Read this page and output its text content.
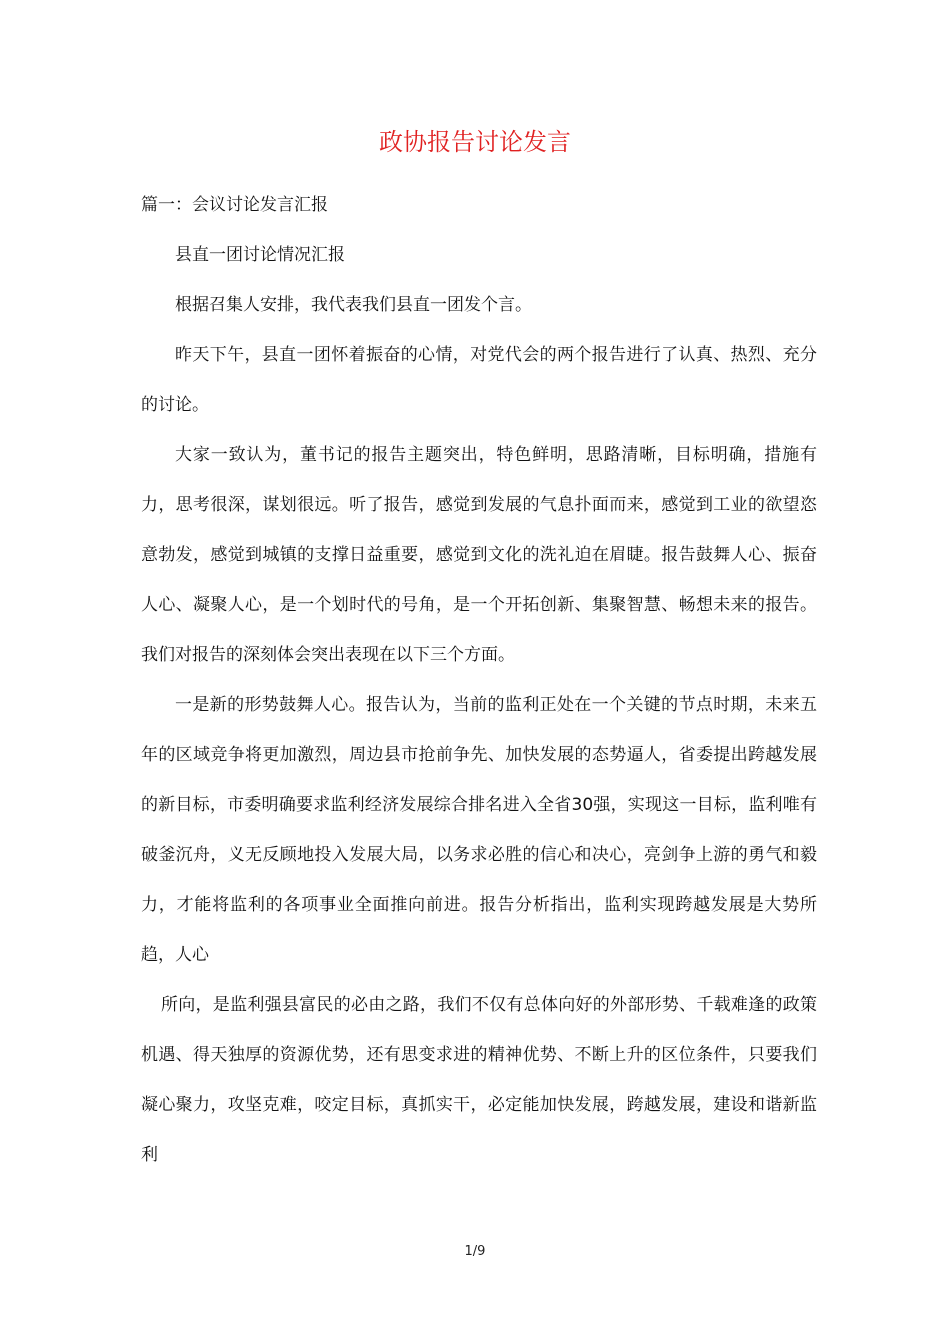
政协报告讨论发言

篇一：会议讨论发言汇报

县直一团讨论情况汇报

根据召集人安排，我代表我们县直一团发个言。

昨天下午，县直一团怀着振奋的心情，对党代会的两个报告进行了认真、热烈、充分的讨论。

大家一致认为，董书记的报告主题突出，特色鲜明，思路清晰，目标明确，措施有力，思考很深，谋划很远。听了报告，感觉到发展的气息扑面而来，感觉到工业的欲望恣意勃发，感觉到城镇的支撑日益重要，感觉到文化的洗礼迫在眉睫。报告鼓舞人心、振奋人心、凝聚人心，是一个划时代的号角，是一个开拓创新、集聚智慧、畅想未来的报告。我们对报告的深刻体会突出表现在以下三个方面。

一是新的形势鼓舞人心。报告认为，当前的监利正处在一个关键的节点时期，未来五年的区域竞争将更加激烈，周边县市抢前争先、加快发展的态势逼人，省委提出跨越发展的新目标，市委明确要求监利经济发展综合排名进入全省30强，实现这一目标，监利唯有破釜沉舟，义无反顾地投入发展大局，以务求必胜的信心和决心，亮剑争上游的勇气和毅力，才能将监利的各项事业全面推向前进。报告分析指出，监利实现跨越发展是大势所趋，人心

所向，是监利强县富民的必由之路，我们不仅有总体向好的外部形势、千载难逢的政策机遇、得天独厚的资源优势，还有思变求进的精神优势、不断上升的区位条件，只要我们凝心聚力，攻坚克难，咬定目标，真抓实干，必定能加快发展，跨越发展，建设和谐新监利

1/9
